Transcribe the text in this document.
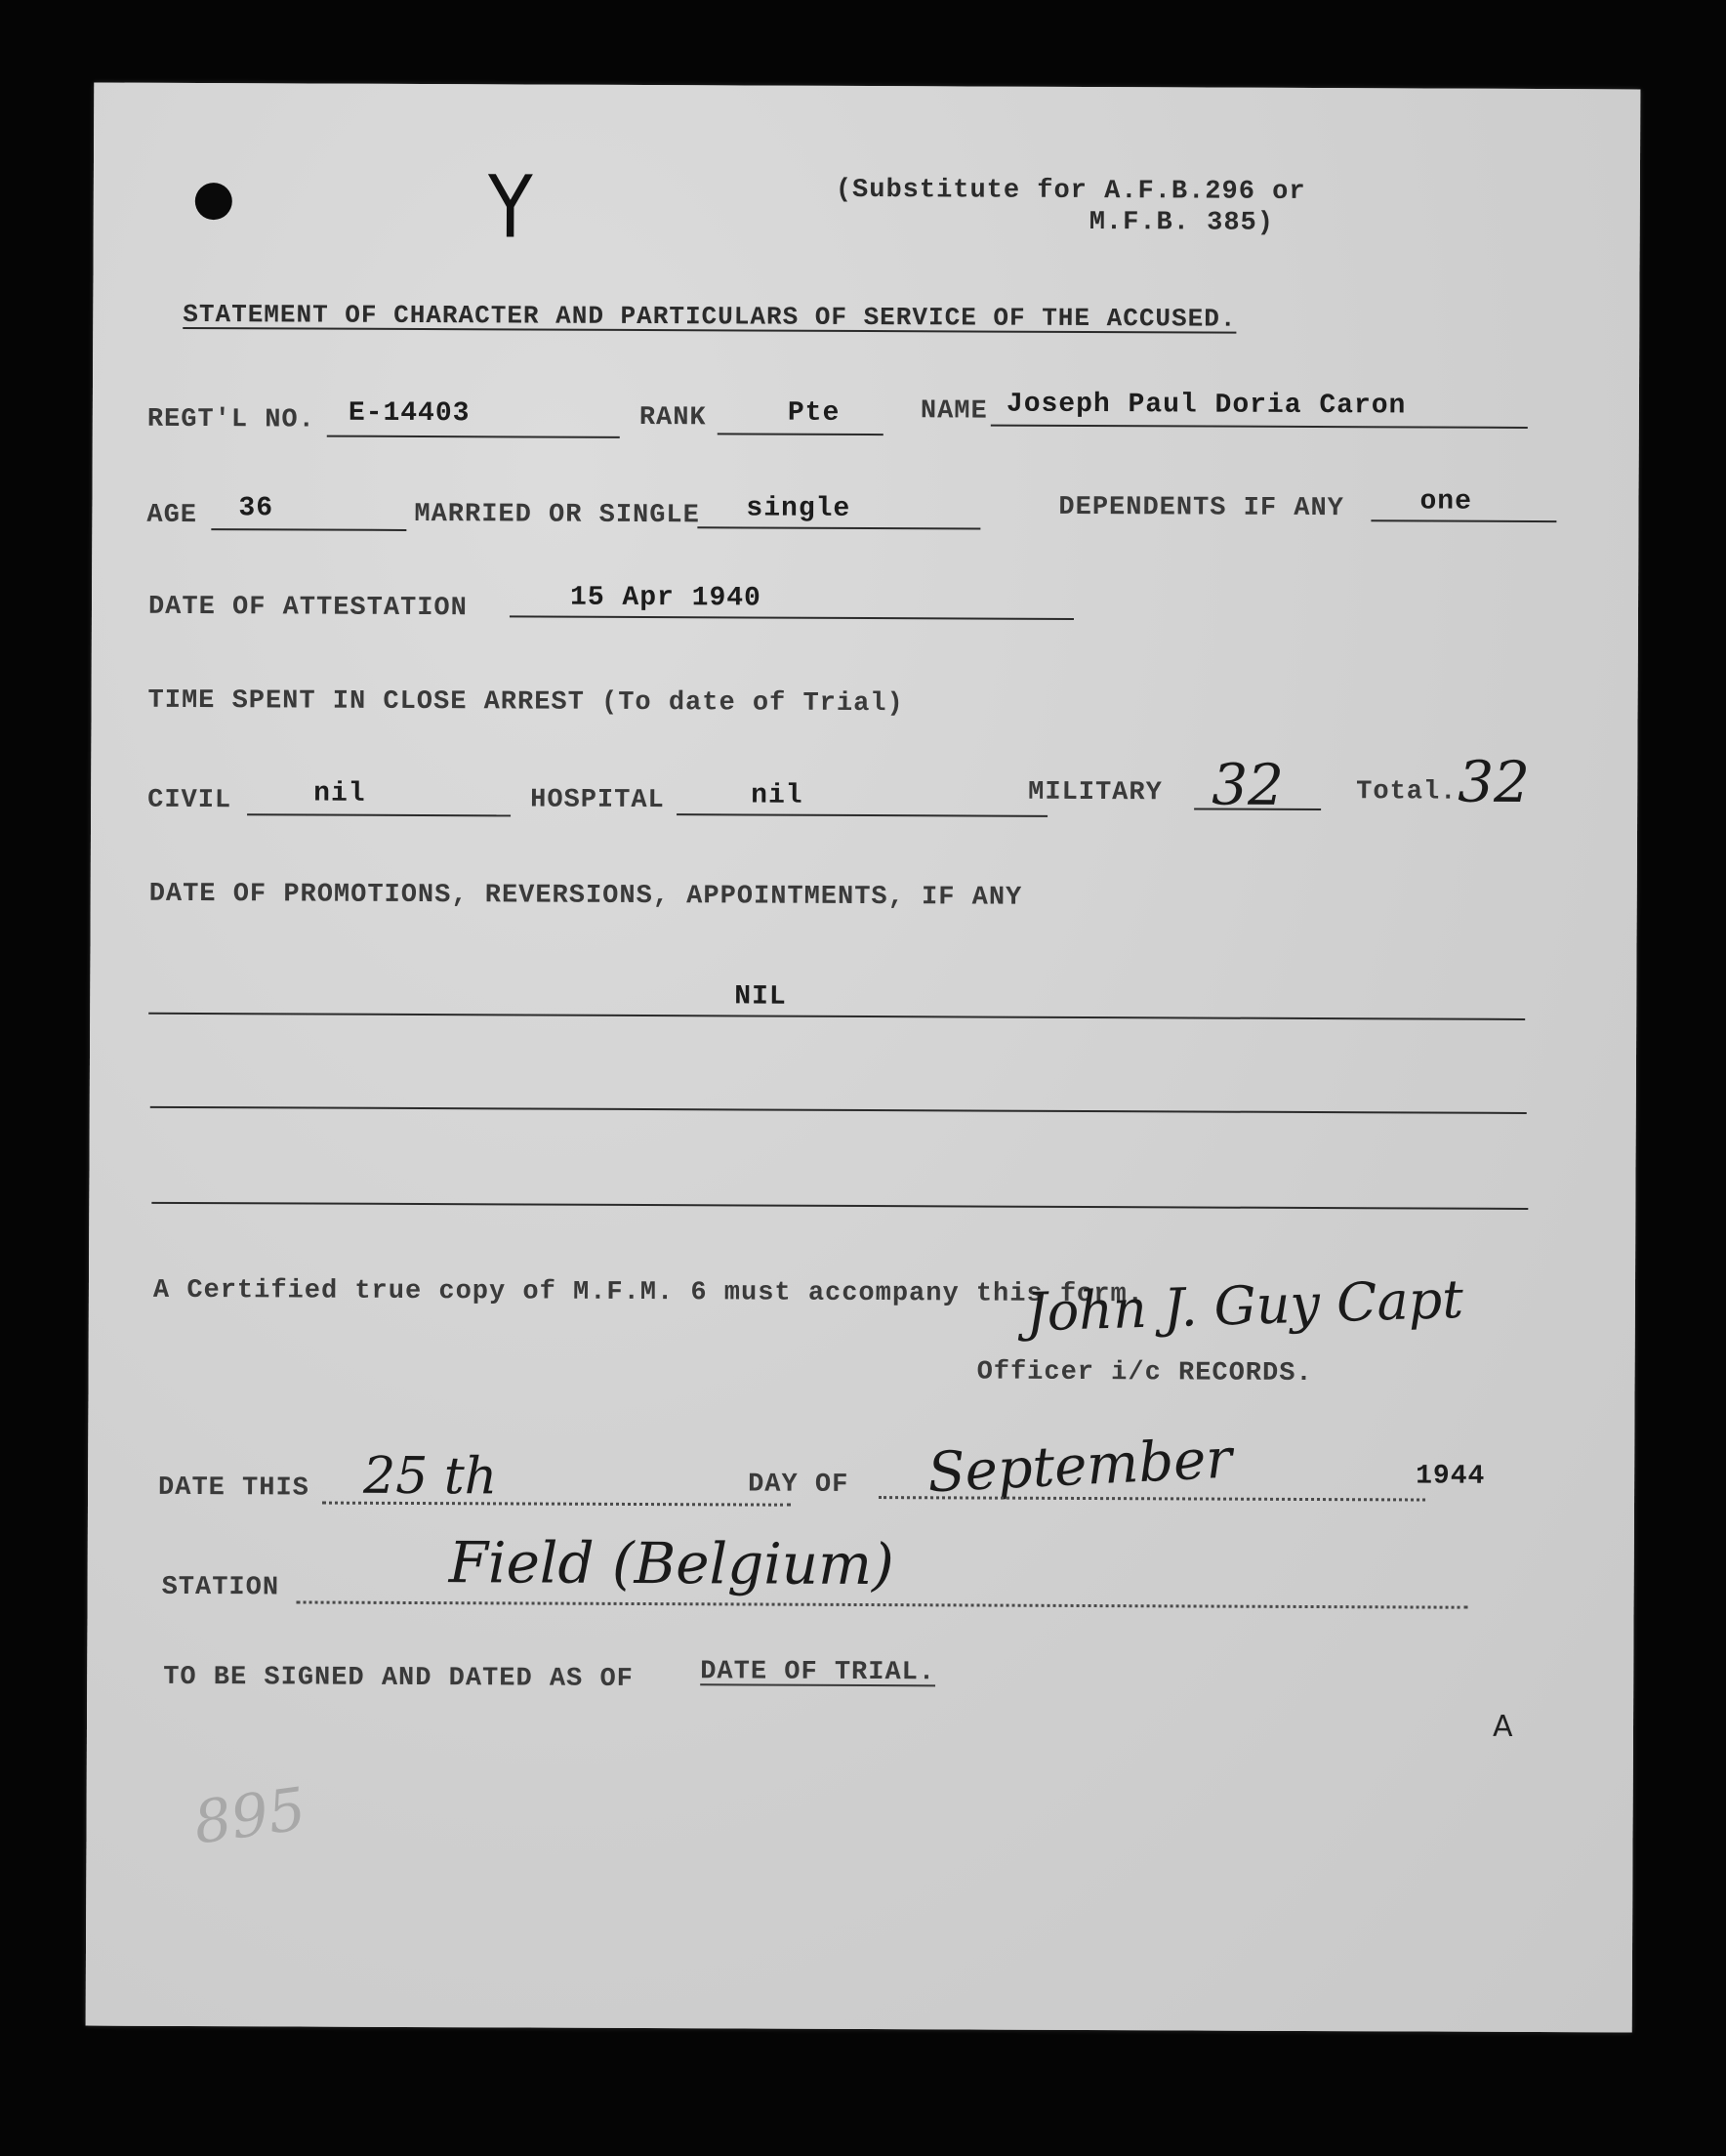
Y	(Substitute for A.F.B.296 or
M.F.B. 385)
STATEMENT OF CHARACTER AND PARTICULARS OF SERVICE OF THE ACCUSED.
REGT'L NO. E-14403	RANK	Pte	NAME Joseph Paul Doria Caron
AGE 36	MARRIED OR SINGLE single	DEPENDENTS IF ANY	one
DATE OF ATTESTATION	15 Apr 1940
TIME SPENT IN CLOSE ARREST (To date of Trial)
CIVIL	nil	HOSPITAL	nil	MILITARY 32	Total. 32
DATE OF PROMOTIONS, REVERSIONS, APPOINTMENTS, IF ANY
NIL
A Certified true copy of M.F.M. 6 must accompany this form.
John J. Guy Capt
Officer i/c RECORDS.
DATE THIS 25 th	DAY OF September	1944
STATION	Field (Belgium)
TO BE SIGNED AND DATED AS OF	DATE OF TRIAL.
A
895
